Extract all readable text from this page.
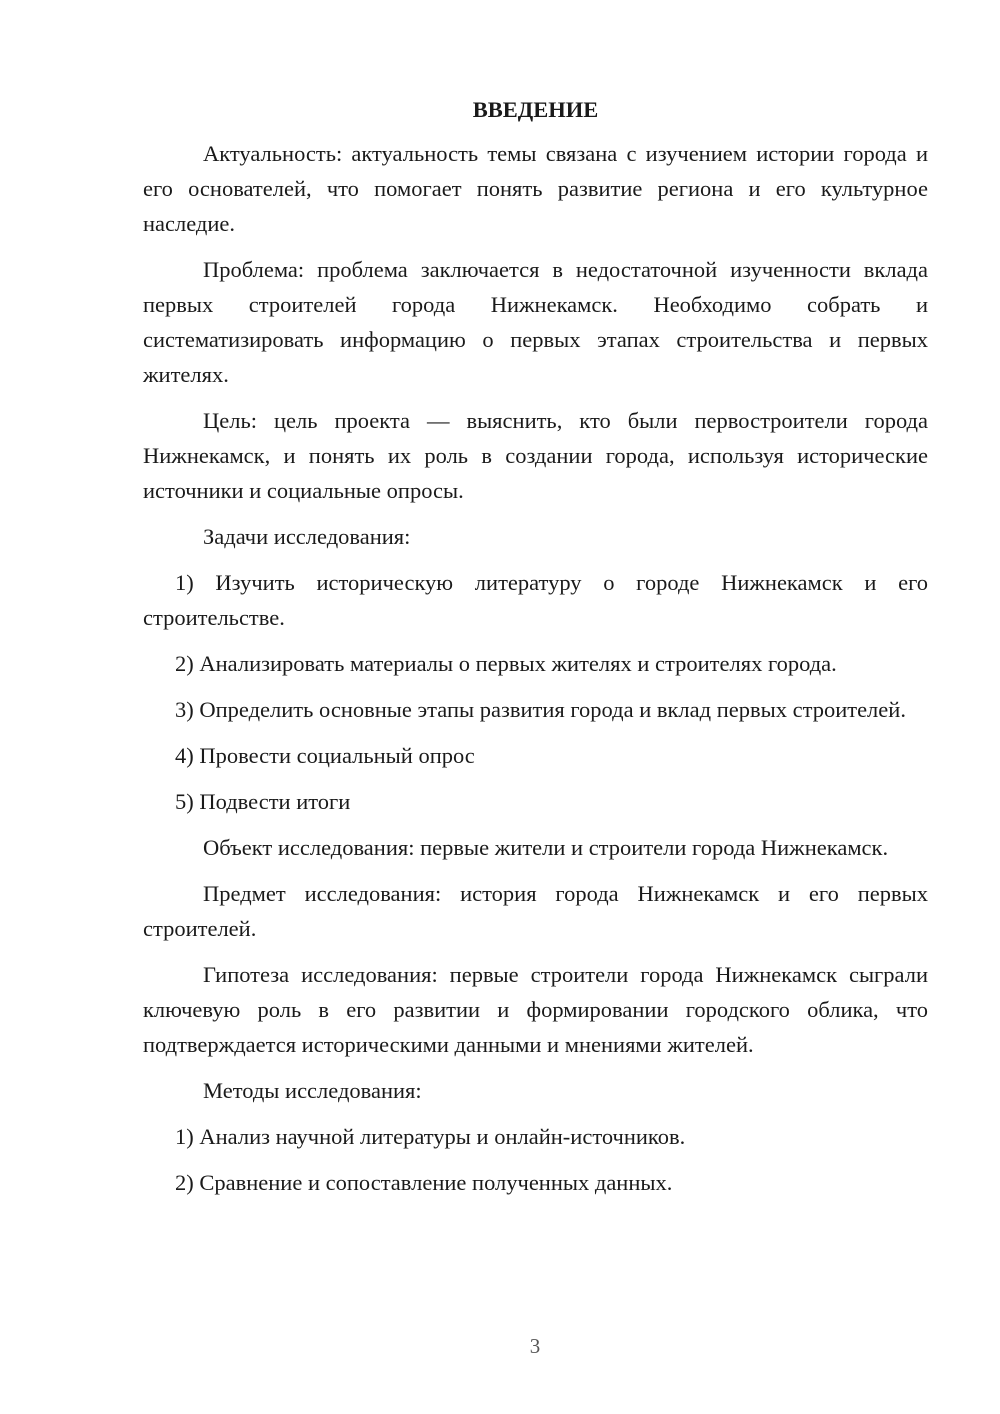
ВВЕДЕНИЕ

Актуальность: актуальность темы связана с изучением истории города и его основателей, что помогает понять развитие региона и его культурное наследие.

Проблема: проблема заключается в недостаточной изученности вклада первых строителей города Нижнекамск. Необходимо собрать и систематизировать информацию о первых этапах строительства и первых жителях.

Цель: цель проекта — выяснить, кто были первостроители города Нижнекамск, и понять их роль в создании города, используя исторические источники и социальные опросы.

Задачи исследования:

1) Изучить историческую литературу о городе Нижнекамск и его строительстве.

2) Анализировать материалы о первых жителях и строителях города.

3) Определить основные этапы развития города и вклад первых строителей.

4) Провести социальный опрос

5) Подвести итоги

Объект исследования: первые жители и строители города Нижнекамск.

Предмет исследования: история города Нижнекамск и его первых строителей.

Гипотеза исследования: первые строители города Нижнекамск сыграли ключевую роль в его развитии и формировании городского облика, что подтверждается историческими данными и мнениями жителей.

Методы исследования:

1) Анализ научной литературы и онлайн-источников.

2) Сравнение и сопоставление полученных данных.

3
